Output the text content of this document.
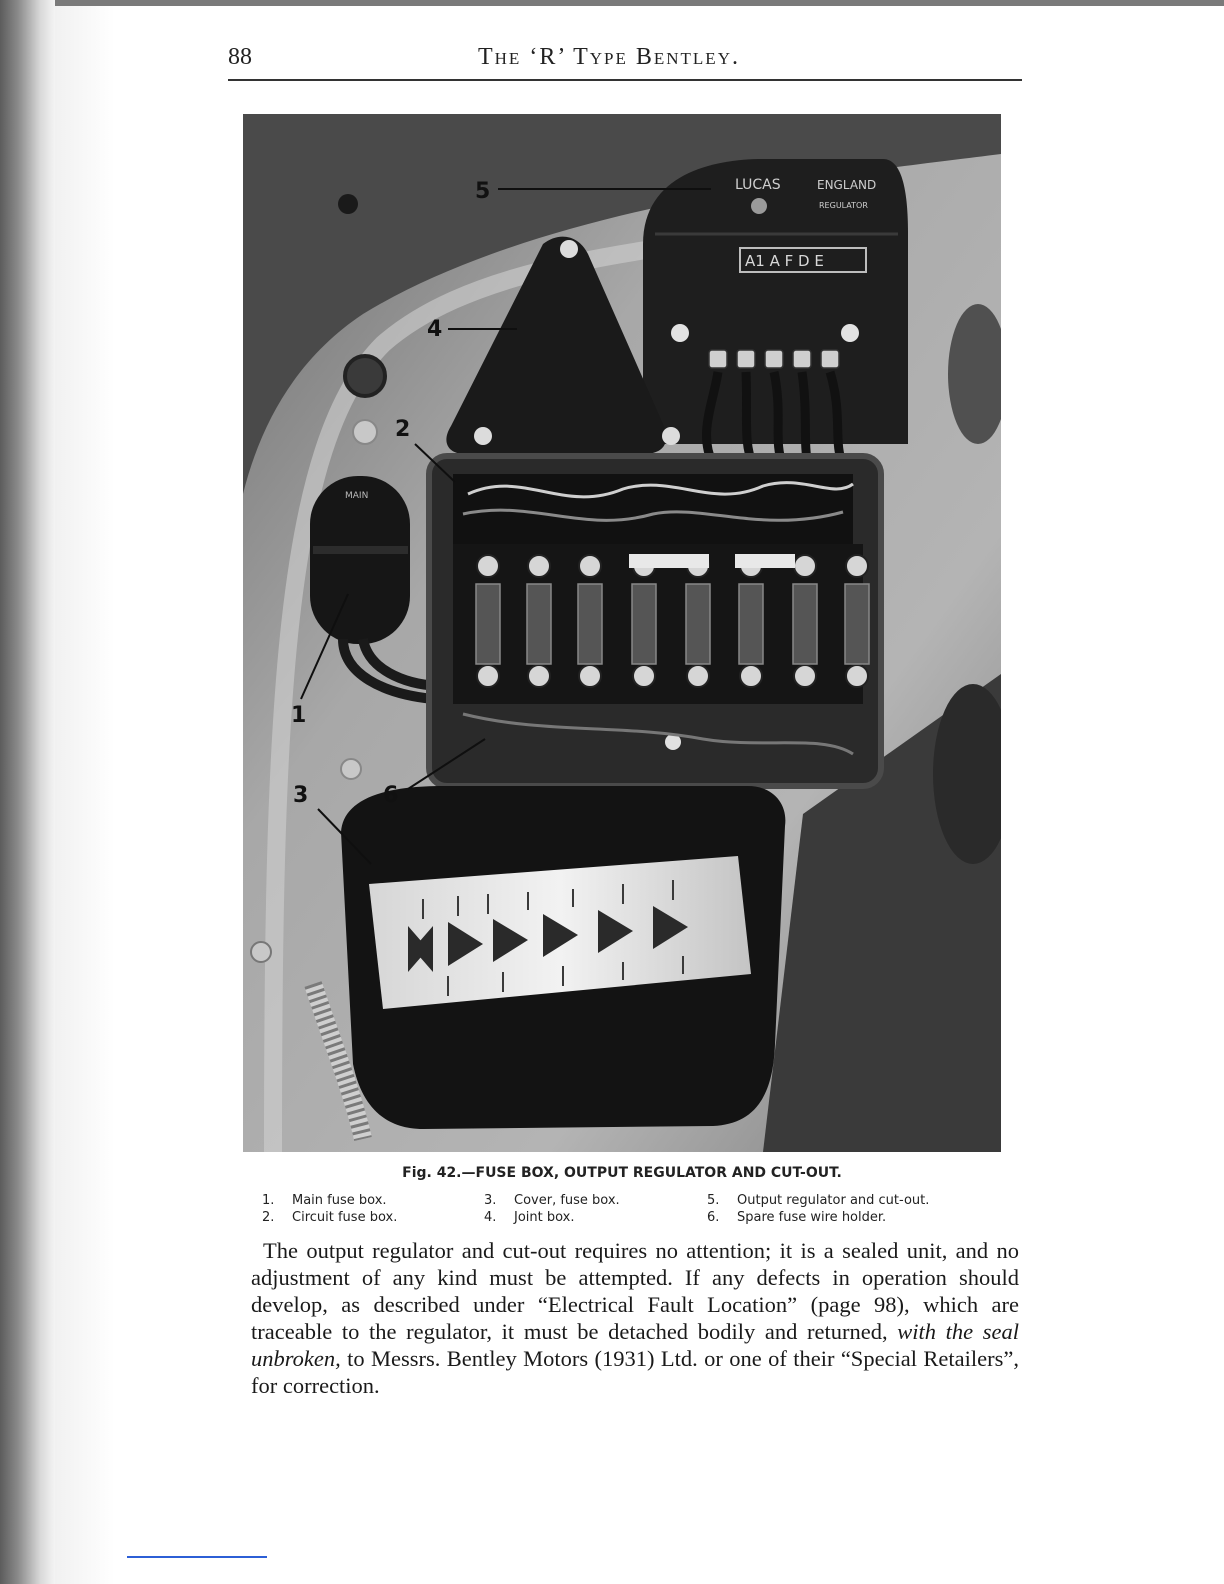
88	The ‘R’ Type Bentley.
LUCAS	ENGLAND
REGULATOR
A1 A F D E
MAIN
5
4
2
1
3	6
Fig. 42.—FUSE BOX, OUTPUT REGULATOR AND CUT-OUT.
1. Main fuse box.
2. Circuit fuse box.
3. Cover, fuse box.
4. Joint box.
5. Output regulator and cut-out.
6. Spare fuse wire holder.

The output regulator and cut-out requires no attention; it is a sealed unit, and no adjustment of any kind must be attempted. If any defects in operation should develop, as described under “Electrical Fault Location” (page 98), which are traceable to the regulator, it must be detached bodily and returned, with the seal unbroken, to Messrs. Bentley Motors (1931) Ltd. or one of their “Special Retailers”, for correction.
